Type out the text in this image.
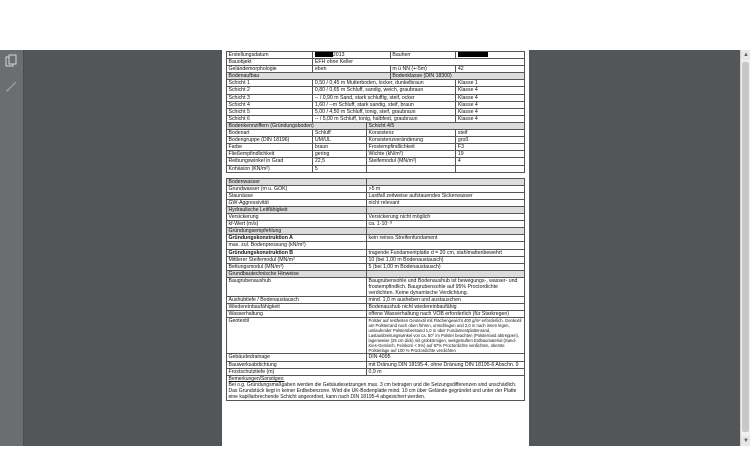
Erstellungsdatum	2013		Bauherr	
Bauobjekt	EFH ohne Keller			
Geländemorphologie	eben		m ü NN (+-5m)	42
Bodenaufbau			Bodenklasse (DIN 18300)	
Schicht 1	0,50 / 0,45 m Mutterboden, locker, dunkelbraun			Klasse 1
Schicht 2	0,80 / 0,65 m Schluff, sandig, weich, graubraun			Klasse 4
Schicht 3	-- / 0,90 m Sand, stark schluffig, steif, ocker			Klasse 4
Schicht 4	1,60 / --m Schluff, stark sandig, steif, braun			Klasse 4
Schicht 5	5,00 / 4,50 m Schluff, tonig, steif, graubraun			Klasse 4
Schicht 6	-- / 5,00 m Schluff, tonig, halbfest, graubraun			Klasse 4
Bodenkennziffern (Gründungsboden)		Schicht 4/5		
Bodenart	Schluff	Konsistenz		steif
Bodengruppe (DIN 18196)	UM/UL	Konsistenzveränderung		groß
Farbe	braun	Frostempfindlichkeit		F3
Fließempfindlichkeit	gering	Wichte (kN/m³)		19
Reibungswinkel in Grad	22,5	Steifemodul (MN/m²)		4
Kohäsion (KN/m²)	5			

Bodenwasser				
Grundwasser (m u. GOK)		>5 m		
Staunässe		Lastfall zeitweise aufstauendes Sickerwasser		
GW-Aggressivität		nicht relevant		
Hydraulische Leitfähigkeit				
Versickerung		Versickerung nicht möglich		
kf-Wert (m/s)		ca. 1·10⁻⁸		
Gründungsempfehlung				
Gründungskonstruktion A		kein reines Streifenfundament		
max. zul. Bodenpressung (kN/m²)				
Gründungskonstruktion B		tragende Fundamentplatte d = 20 cm, stahlmattenbewehrt		
Mittlerer Steifemodul (MN/m²		10 (bei 1,00 m Bodenaustausch)		
Bettungsmodul (MN/m³)		5 (bei 1,00 m Bodenaustausch)		
Grundbautechnische Hinweise				
Baugrubenaushub		Baugrubensohle und Bodenaushub ist bewegungs-, wasser- und frostempfindlich. Baugrubensohle auf 95% Proctordichte verdichten. Keine dynamische Verdichtung.		
Aushubtiefe / Bodenaustausch		mind. 1,0 m ausheben und austauschen		
Wiedereinbaufähigkeit		Bodenaushub nicht wiedereinbaufähig		
Wasserhaltung		offene Wasserhaltung nach VOB erforderlich (für Starkregen)		
Geotextil		Polster auf restfesten Geotextil mit Flächengewicht 400 g/m² erforderlich. Geotextil am Polsterrand nach oben führen, umschlagen und 2,0 m nach innen legen, umlaufender Polsterüberstand 1,0 m über Fundamentplattenrand, Lastausbreitungswinkel von ca. 50° im Polster beachten (Polsterrand abtreppen), lagenweise (25 cm dick) mit grobkörnigen, weitgestuften Erdbaumaterial (Sand-Kies-Gemisch, Feinkorn < 5%) auf 97% Proctordichte verdichten, oberste Polsterlage auf 100 % Proctordichte verdichten		
Gebäudedrainage		DIN 4095		
Bauwerksabdichtung		mit Dränung DIN 18195-4, ohne Dränung DIN 18195-6 Abschn. 9		
Frostschutztiefe (m)		0,9 m		

Bemerkungen/Sonstiges:
Bei o.g. Gründungsmaßgaben werden die Gebäudesetzungen max. 3 cm betragen und die Setzungsdifferenzen sind unschädlich. Das Grundstück liegt in keiner Erdbebenzone. Wird die UK-Bodenplatte mind. 10 cm über Gelände gegründet und unter der Platte eine kapillarbrechende Schicht angeordnet, kann nach DIN 18195-4 abgesichert werden.				
▲
▼
